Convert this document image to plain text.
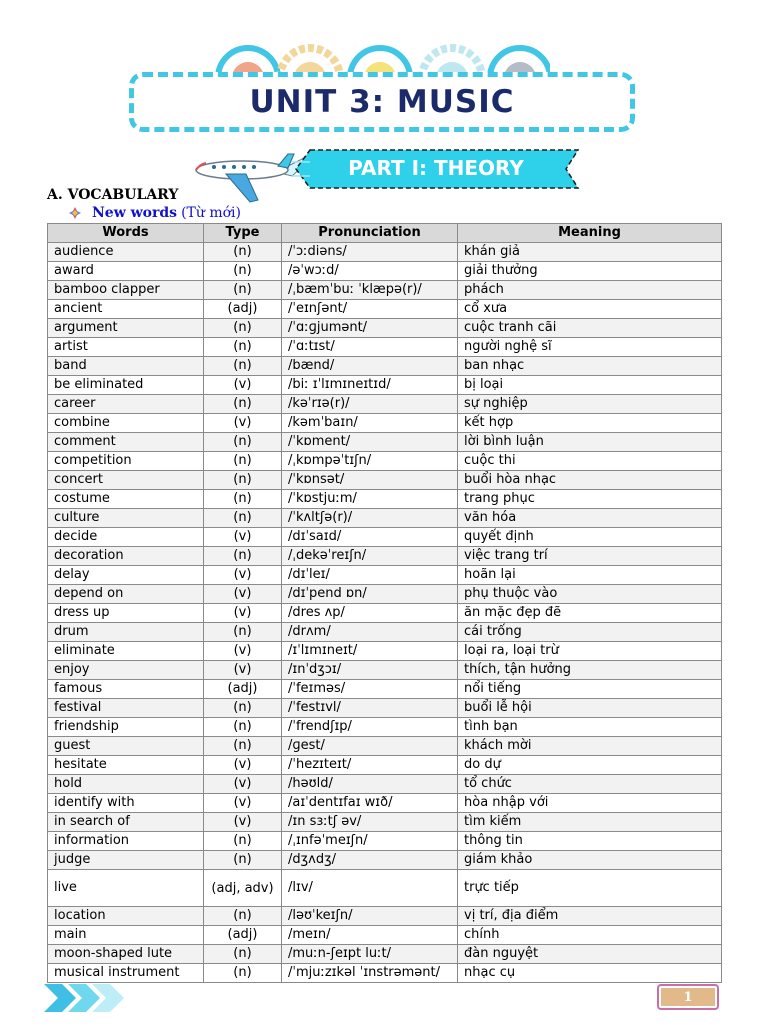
UNIT 3: MUSIC
PART I: THEORY
A. VOCABULARY
New words (Từ mới)
Words	Type	Pronunciation	Meaning
audience	(n)	/ˈɔːdiəns/	khán giả
award	(n)	/əˈwɔːd/	giải thưởng
bamboo clapper	(n)	/ˌbæmˈbuː ˈklæpə(r)/	phách
ancient	(adj)	/ˈeɪnʃənt/	cổ xưa
argument	(n)	/ˈɑːɡjumənt/	cuộc tranh cãi
artist	(n)	/ˈɑːtɪst/	người nghệ sĩ
band	(n)	/bænd/	ban nhạc
be eliminated	(v)	/biː ɪˈlɪmɪneɪtɪd/	bị loại
career	(n)	/kəˈrɪə(r)/	sự nghiệp
combine	(v)	/kəmˈbaɪn/	kết hợp
comment	(n)	/ˈkɒment/	lời bình luận
competition	(n)	/ˌkɒmpəˈtɪʃn/	cuộc thi
concert	(n)	/ˈkɒnsət/	buổi hòa nhạc
costume	(n)	/ˈkɒstjuːm/	trang phục
culture	(n)	/ˈkʌltʃə(r)/	văn hóa
decide	(v)	/dɪˈsaɪd/	quyết định
decoration	(n)	/ˌdekəˈreɪʃn/	việc trang trí
delay	(v)	/dɪˈleɪ/	hoãn lại
depend on	(v)	/dɪˈpend ɒn/	phụ thuộc vào
dress up	(v)	/dres ʌp/	ăn mặc đẹp đẽ
drum	(n)	/drʌm/	cái trống
eliminate	(v)	/ɪˈlɪmɪneɪt/	loại ra, loại trừ
enjoy	(v)	/ɪnˈdʒɔɪ/	thích, tận hưởng
famous	(adj)	/ˈfeɪməs/	nổi tiếng
festival	(n)	/ˈfestɪvl/	buổi lễ hội
friendship	(n)	/ˈfrendʃɪp/	tình bạn
guest	(n)	/ɡest/	khách mời
hesitate	(v)	/ˈhezɪteɪt/	do dự
hold	(v)	/həʊld/	tổ chức
identify with	(v)	/aɪˈdentɪfaɪ wɪð/	hòa nhập với
in search of	(v)	/ɪn sɜːtʃ əv/	tìm kiếm
information	(n)	/ˌɪnfəˈmeɪʃn/	thông tin
judge	(n)	/dʒʌdʒ/	giám khảo
live	(adj, adv)	/lɪv/	trực tiếp
location	(n)	/ləʊˈkeɪʃn/	vị trí, địa điểm
main	(adj)	/meɪn/	chính
moon-shaped lute	(n)	/muːn-ʃeɪpt luːt/	đàn nguyệt
musical instrument	(n)	/ˈmjuːzɪkəl ˈɪnstrəmənt/	nhạc cụ
1
